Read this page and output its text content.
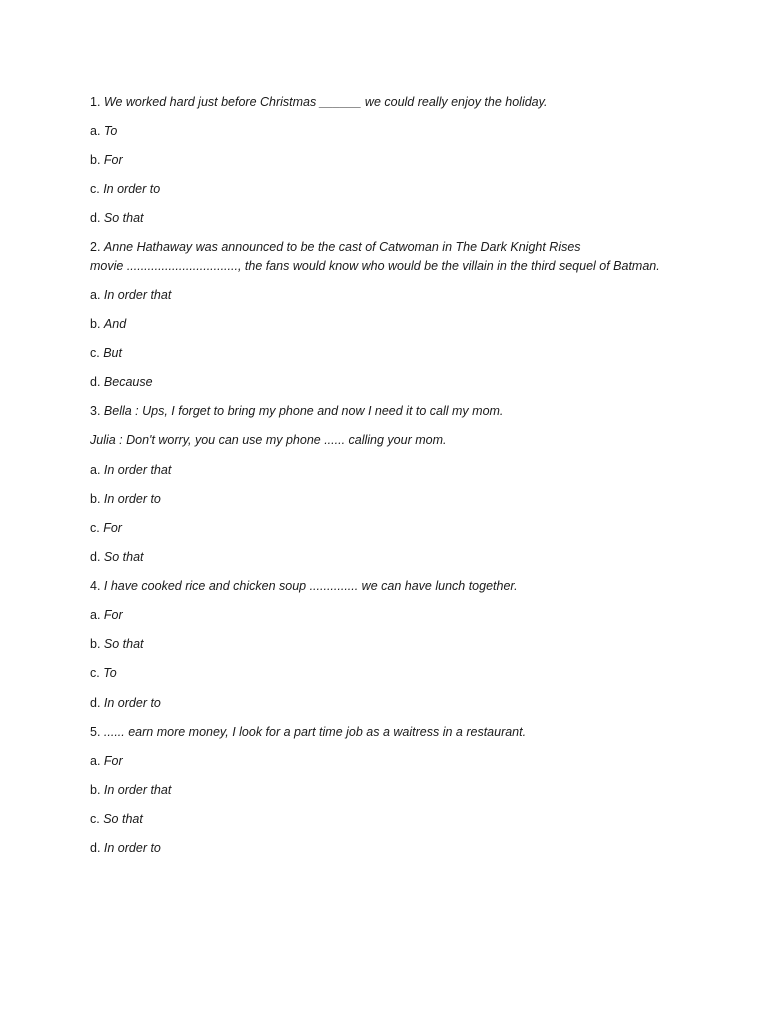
1. We worked hard just before Christmas ______ we could really enjoy the holiday.
a. To
b. For
c. In order to
d. So that
2. Anne Hathaway was announced to be the cast of Catwoman in The Dark Knight Rises
movie ................................, the fans would know who would be the villain in the third sequel of Batman.
a. In order that
b. And
c. But
d. Because
3. Bella : Ups, I forget to bring my phone and now I need it to call my mom.
Julia : Don't worry, you can use my phone ...... calling your mom.
a. In order that
b. In order to
c. For
d. So that
4. I have cooked rice and chicken soup .............. we can have lunch together.
a. For
b. So that
c. To
d. In order to
5. ...... earn more money, I look for a part time job as a waitress in a restaurant.
a. For
b. In order that
c. So that
d. In order to
